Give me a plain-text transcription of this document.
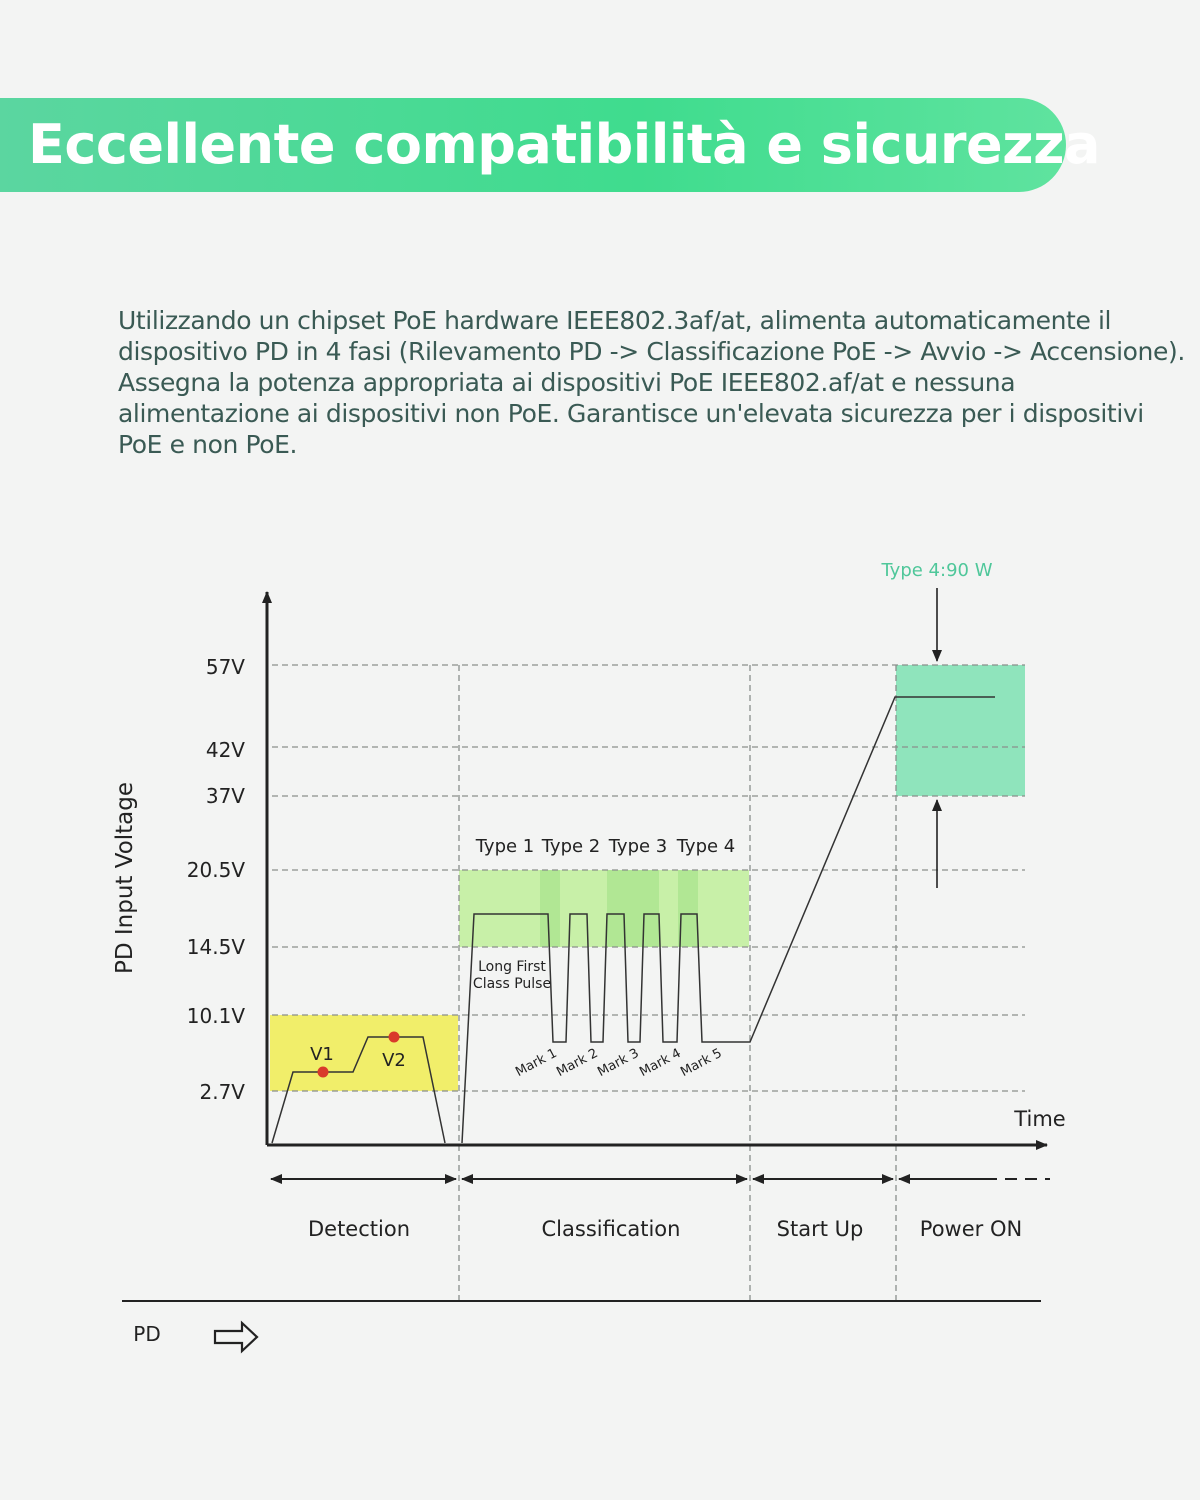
Eccellente compatibilità e sicurezza
Utilizzando un chipset PoE hardware IEEE802.3af/at, alimenta automaticamente il dispositivo PD in 4 fasi (Rilevamento PD -> Classificazione PoE -> Avvio -> Accensione). Assegna la potenza appropriata ai dispositivi PoE IEEE802.af/at e nessuna alimentazione ai dispositivi non PoE. Garantisce un'elevata sicurezza per i dispositivi PoE e non PoE.
57V
42V
37V
20.5V
14.5V
10.1V
2.7V
PD Input Voltage
Time
V1	V2
Type 1 Type 2 Type 3 Type 4
Long First
Class Pulse
Mark 1
Mark 2
Mark 3
Mark 4
Mark 5
Type 4:90 W
Detection	Classification	Start Up	Power ON
PD
